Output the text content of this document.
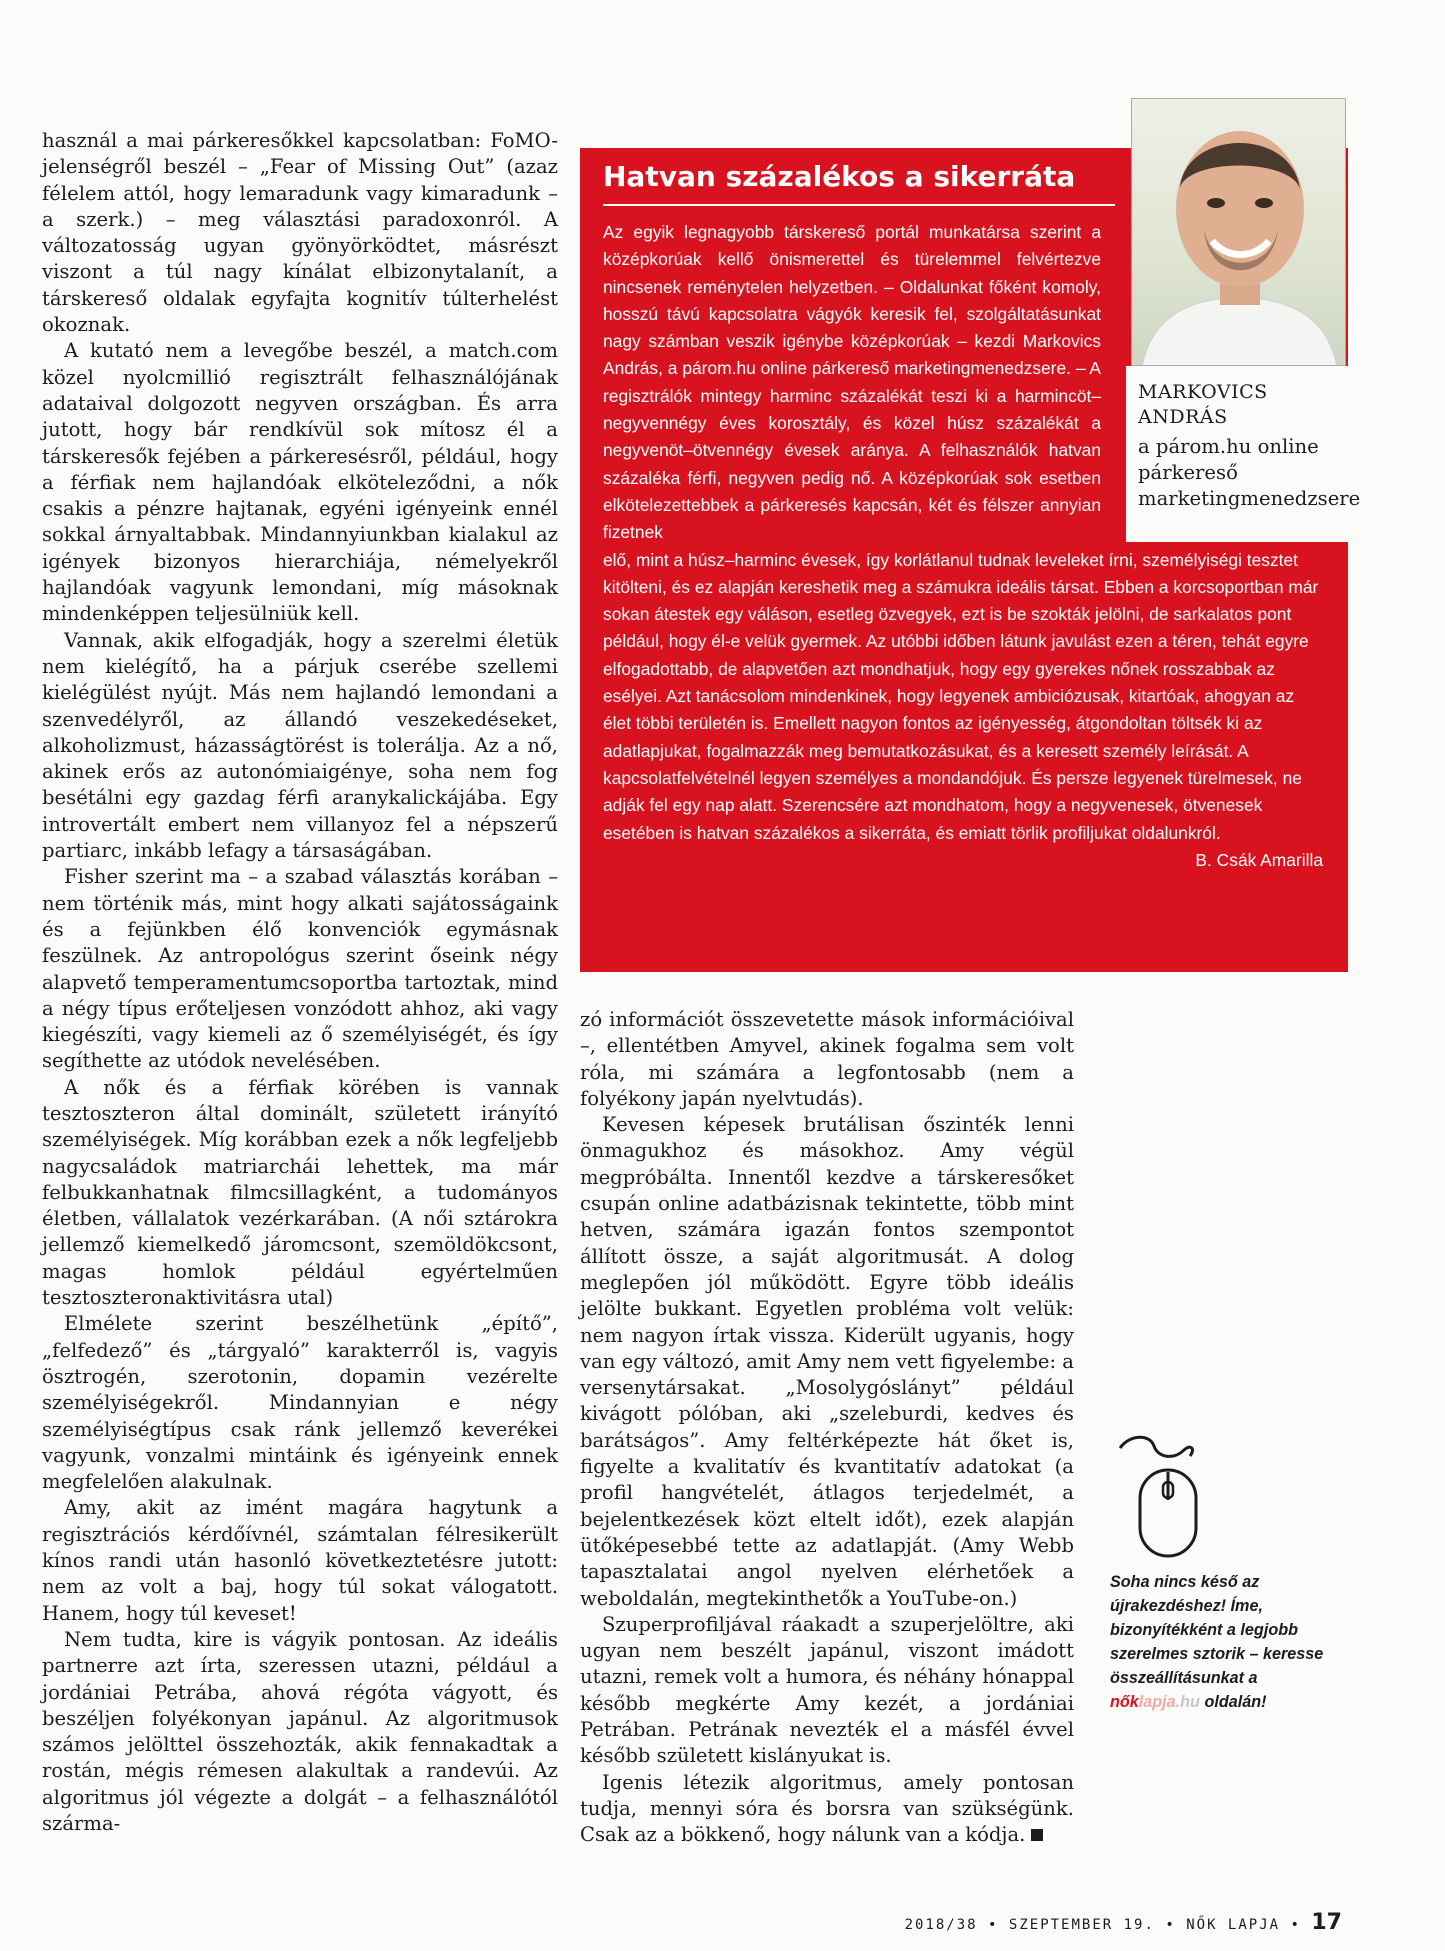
használ a mai párkeresőkkel kapcsolatban: FoMO-jelenségről beszél – „Fear of Missing Out” (azaz félelem attól, hogy lemaradunk vagy kimaradunk – a szerk.) – meg választási paradoxonról. A változatosság ugyan gyönyörködtet, másrészt viszont a túl nagy kínálat elbizonytalanít, a társkereső oldalak egyfajta kognitív túlterhelést okoznak.

A kutató nem a levegőbe beszél, a match.com közel nyolcmillió regisztrált felhasználójának adataival dolgozott negyven országban. És arra jutott, hogy bár rendkívül sok mítosz él a társkeresők fejében a párkeresésről, például, hogy a férfiak nem hajlandóak elköteleződni, a nők csakis a pénzre hajtanak, egyéni igényeink ennél sokkal árnyaltabbak. Mindannyiunkban kialakul az igények bizonyos hierarchiája, némelyekről hajlandóak vagyunk lemondani, míg másoknak mindenképpen teljesülniük kell.

Vannak, akik elfogadják, hogy a szerelmi életük nem kielégítő, ha a párjuk cserébe szellemi kielégülést nyújt. Más nem hajlandó lemondani a szenvedélyről, az állandó veszekedéseket, alkoholizmust, házasságtörést is tolerálja. Az a nő, akinek erős az autonómiaigénye, soha nem fog besétálni egy gazdag férfi aranykalickájába. Egy introvertált embert nem villanyoz fel a népszerű partiarc, inkább lefagy a társaságában.

Fisher szerint ma – a szabad választás korában – nem történik más, mint hogy alkati sajátosságaink és a fejünkben élő konvenciók egymásnak feszülnek. Az antropológus szerint őseink négy alapvető temperamentumcsoportba tartoztak, mind a négy típus erőteljesen vonzódott ahhoz, aki vagy kiegészíti, vagy kiemeli az ő személyiségét, és így segíthette az utódok nevelésében.

A nők és a férfiak körében is vannak tesztoszteron által dominált, született irányító személyiségek. Míg korábban ezek a nők legfeljebb nagycsaládok matriarchái lehettek, ma már felbukkanhatnak filmcsillagként, a tudományos életben, vállalatok vezérkarában. (A női sztárokra jellemző kiemelkedő járomcsont, szemöldökcsont, magas homlok például egyértelműen tesztoszteronaktivitásra utal)

Elmélete szerint beszélhetünk „építő”, „felfedező” és „tárgyaló” karakterről is, vagyis ösztrogén, szerotonin, dopamin vezérelte személyiségekről. Mindannyian e négy személyiségtípus csak ránk jellemző keverékei vagyunk, vonzalmi mintáink és igényeink ennek megfelelően alakulnak.

Amy, akit az imént magára hagytunk a regisztrációs kérdőívnél, számtalan félresikerült kínos randi után hasonló következtetésre jutott: nem az volt a baj, hogy túl sokat válogatott. Hanem, hogy túl keveset!

Nem tudta, kire is vágyik pontosan. Az ideális partnerre azt írta, szeressen utazni, például a jordániai Petrába, ahová régóta vágyott, és beszéljen folyékonyan japánul. Az algoritmusok számos jelölttel összehozták, akik fennakadtak a rostán, mégis rémesen alakultak a randevúi. Az algoritmus jól végezte a dolgát – a felhasználótól szárma-

Hatvan százalékos a sikerráta
Az egyik legnagyobb társkereső portál munkatársa szerint a középkorúak kellő önismerettel és türelemmel felvértezve nincsenek reménytelen helyzetben. – Oldalunkat főként komoly, hosszú távú kapcsolatra vágyók keresik fel, szolgáltatásunkat nagy számban veszik igénybe középkorúak – kezdi Markovics András, a párom.hu online párkereső marketingmenedzsere. – A regisztrálók mintegy harminc százalékát teszi ki a harmincöt–negyvennégy éves korosztály, és közel húsz százalékát a negyvenöt–ötvennégy évesek aránya. A felhasználók hatvan százaléka férfi, negyven pedig nő. A középkorúak sok esetben elkötelezettebbek a párkeresés kapcsán, két és félszer annyian fizetnek

elő, mint a húsz–harminc évesek, így korlátlanul tudnak leveleket írni, személyiségi tesztet kitölteni, és ez alapján kereshetik meg a számukra ideális társat. Ebben a korcsoportban már sokan átestek egy váláson, esetleg özvegyek, ezt is be szokták jelölni, de sarkalatos pont például, hogy él-e velük gyermek. Az utóbbi időben látunk javulást ezen a téren, tehát egyre elfogadottabb, de alapvetően azt mondhatjuk, hogy egy gyerekes nőnek rosszabbak az esélyei. Azt tanácsolom mindenkinek, hogy legyenek ambiciózusak, kitartóak, ahogyan az élet többi területén is. Emellett nagyon fontos az igényesség, átgondoltan töltsék ki az adatlapjukat, fogalmazzák meg bemutatkozásukat, és a keresett személy leírását. A kapcsolatfelvételnél legyen személyes a mondandójuk. És persze legyenek türelmesek, ne adják fel egy nap alatt. Szerencsére azt mondhatom, hogy a negyvenesek, ötvenesek esetében is hatvan százalékos a sikerráta, és emiatt törlik profiljukat oldalunkról.

B. Csák Amarilla

MARKOVICS
ANDRÁS
a párom.hu online párkereső marketingmenedzsere

zó információt összevetette mások információival –, ellentétben Amyvel, akinek fogalma sem volt róla, mi számára a legfontosabb (nem a folyékony japán nyelvtudás).

Kevesen képesek brutálisan őszinték lenni önmagukhoz és másokhoz. Amy végül megpróbálta. Innentől kezdve a társkeresőket csupán online adatbázisnak tekintette, több mint hetven, számára igazán fontos szempontot állított össze, a saját algoritmusát. A dolog meglepően jól működött. Egyre több ideális jelölte bukkant. Egyetlen probléma volt velük: nem nagyon írtak vissza. Kiderült ugyanis, hogy van egy változó, amit Amy nem vett figyelembe: a versenytársakat. „Mosolygóslányt” például kivágott pólóban, aki „szeleburdi, kedves és barátságos”. Amy feltérképezte hát őket is, figyelte a kvalitatív és kvantitatív adatokat (a profil hangvételét, átlagos terjedelmét, a bejelentkezések közt eltelt időt), ezek alapján ütőképesebbé tette az adatlapját. (Amy Webb tapasztalatai angol nyelven elérhetőek a weboldalán, megtekinthetők a YouTube-on.)

Szuperprofiljával ráakadt a szuperjelöltre, aki ugyan nem beszélt japánul, viszont imádott utazni, remek volt a humora, és néhány hónappal később megkérte Amy kezét, a jordániai Petrában. Petrának nevezték el a másfél évvel később született kislányukat is.

Igenis létezik algoritmus, amely pontosan tudja, mennyi sóra és borsra van szükségünk. Csak az a bökkenő, hogy nálunk van a kódja.

Soha nincs késő az újrakezdéshez! Íme, bizonyítékként a legjobb szerelmes sztorik – keresse összeállításunkat a nőklapja.hu oldalán!
2018/38 • SZEPTEMBER 19. • NŐK LAPJA • 17
